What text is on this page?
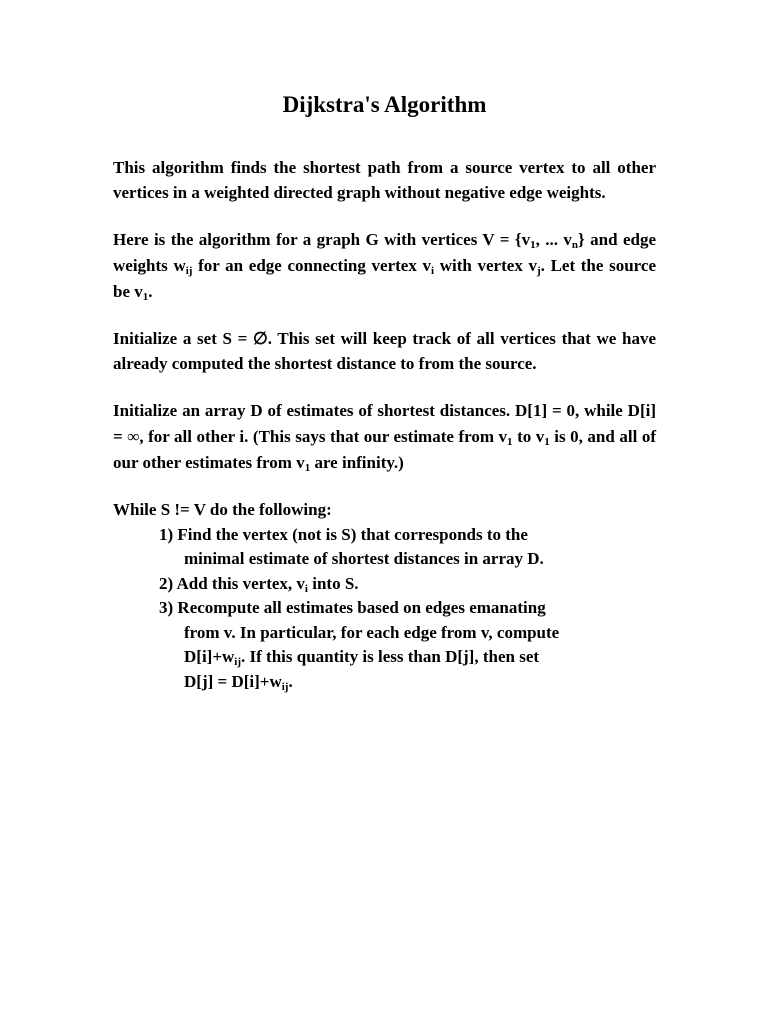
Dijkstra's Algorithm

This algorithm finds the shortest path from a source vertex to all other vertices in a weighted directed graph without negative edge weights.

Here is the algorithm for a graph G with vertices $V = \{v_1$, ... $v_n$} and edge weights $w_{ij}$ for an edge connecting vertex $v_i$ with vertex $v_j$. Let the source be $v_1$.

Initialize a set S = ∅. This set will keep track of all vertices that we have already computed the shortest distance to from the source.

Initialize an array D of estimates of shortest distances. D[1] = 0, while D[i] = ∞, for all other i. (This says that our estimate from $v_1$ to $v_1$ is 0, and all of our other estimates from $v_1$ are infinity.)

While S != V do the following:

1) Find the vertex (not is S) that corresponds to the
minimal estimate of shortest distances in array D.

2) Add this vertex, $v_i$ into S.

3) Recompute all estimates based on edges emanating
from v. In particular, for each edge from v, compute
$D[i]+w_{ij}$. If this quantity is less than D[j], then set
$D[j] = D[i]+w_{ij}$.
